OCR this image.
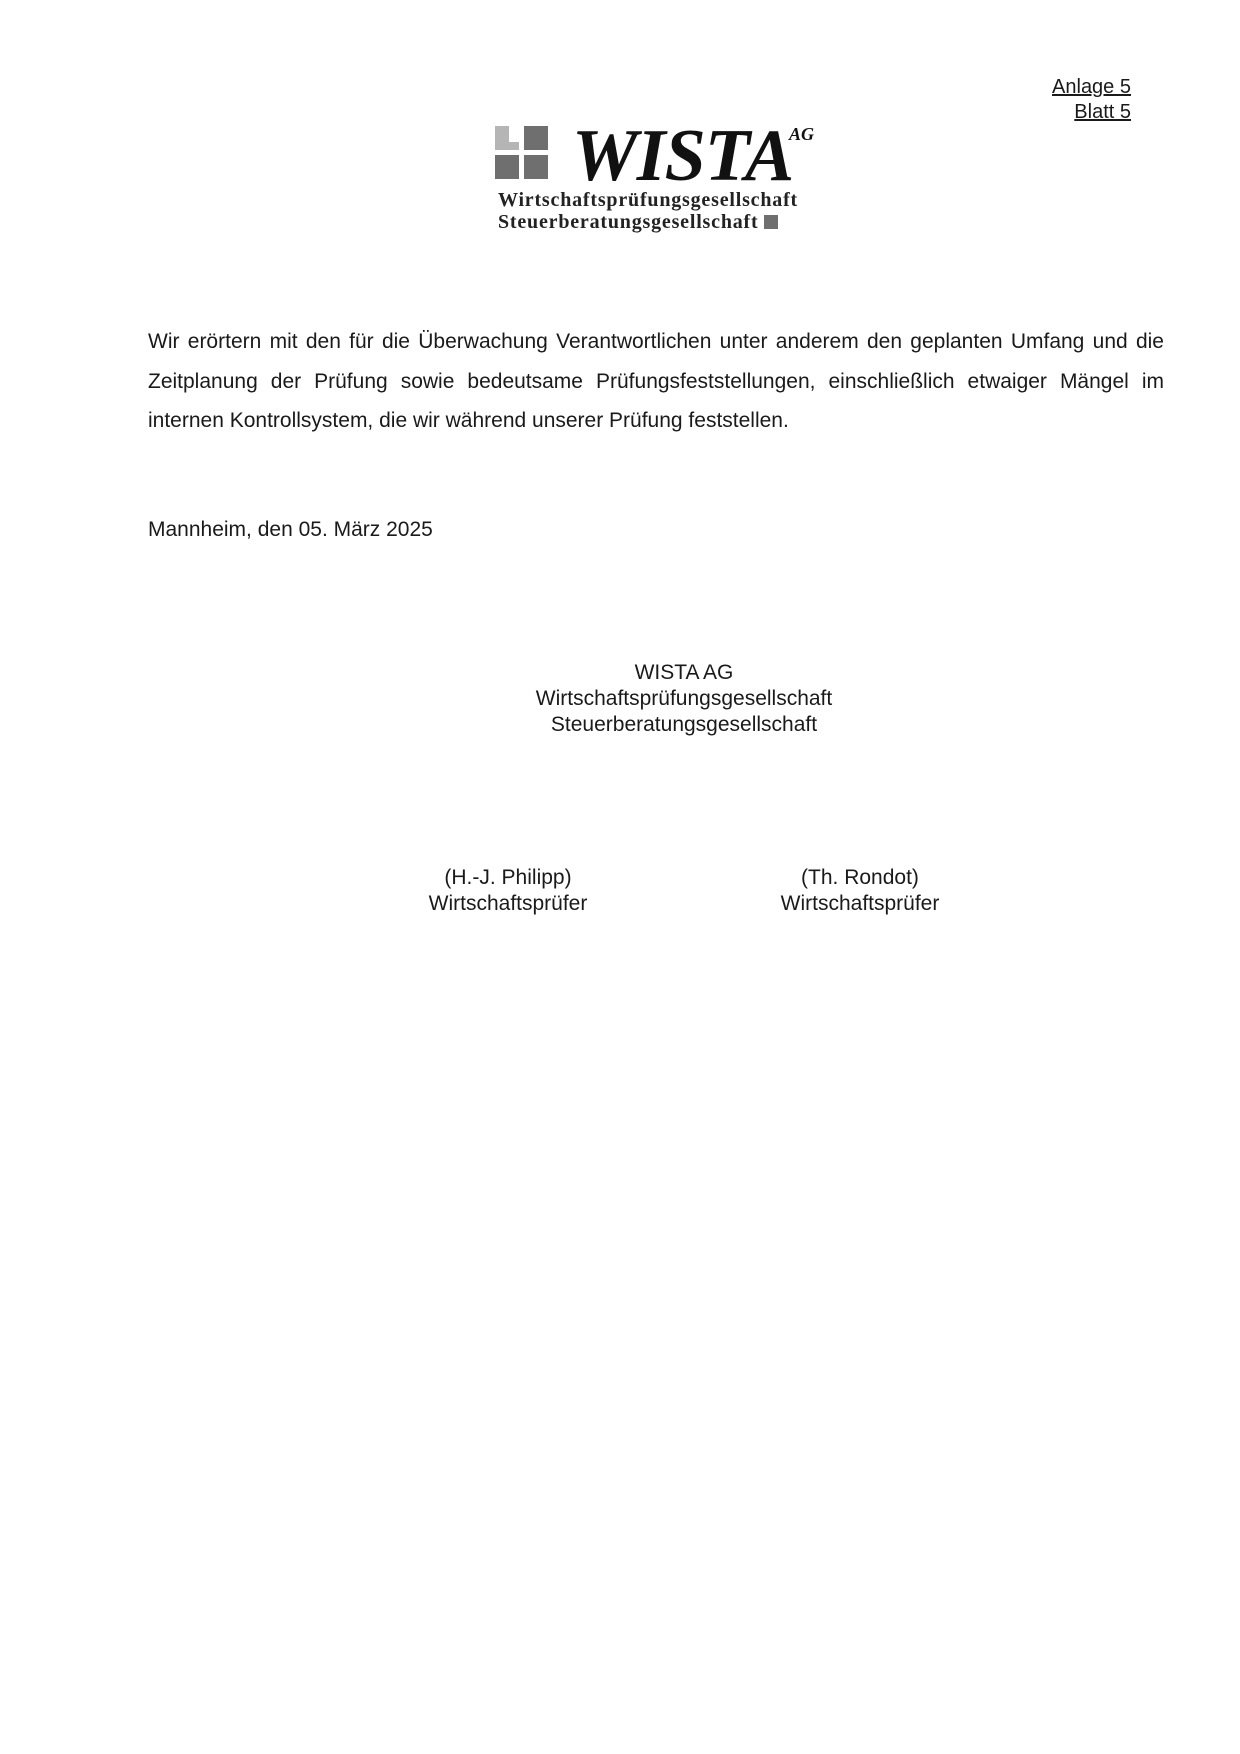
Anlage 5
Blatt 5
WISTA
AG
Wirtschaftsprüfungsgesellschaft
Steuerberatungsgesellschaft

Wir erörtern mit den für die Überwachung Verantwortlichen unter anderem den geplanten Umfang und die Zeitplanung der Prüfung sowie bedeutsame Prüfungsfeststellungen, einschließlich etwaiger Mängel im internen Kontrollsystem, die wir während unserer Prüfung feststellen.

Mannheim, den 05. März 2025
WISTA AG
Wirtschaftsprüfungsgesellschaft
Steuerberatungsgesellschaft
(H.-J. Philipp)
Wirtschaftsprüfer
(Th. Rondot)
Wirtschaftsprüfer
